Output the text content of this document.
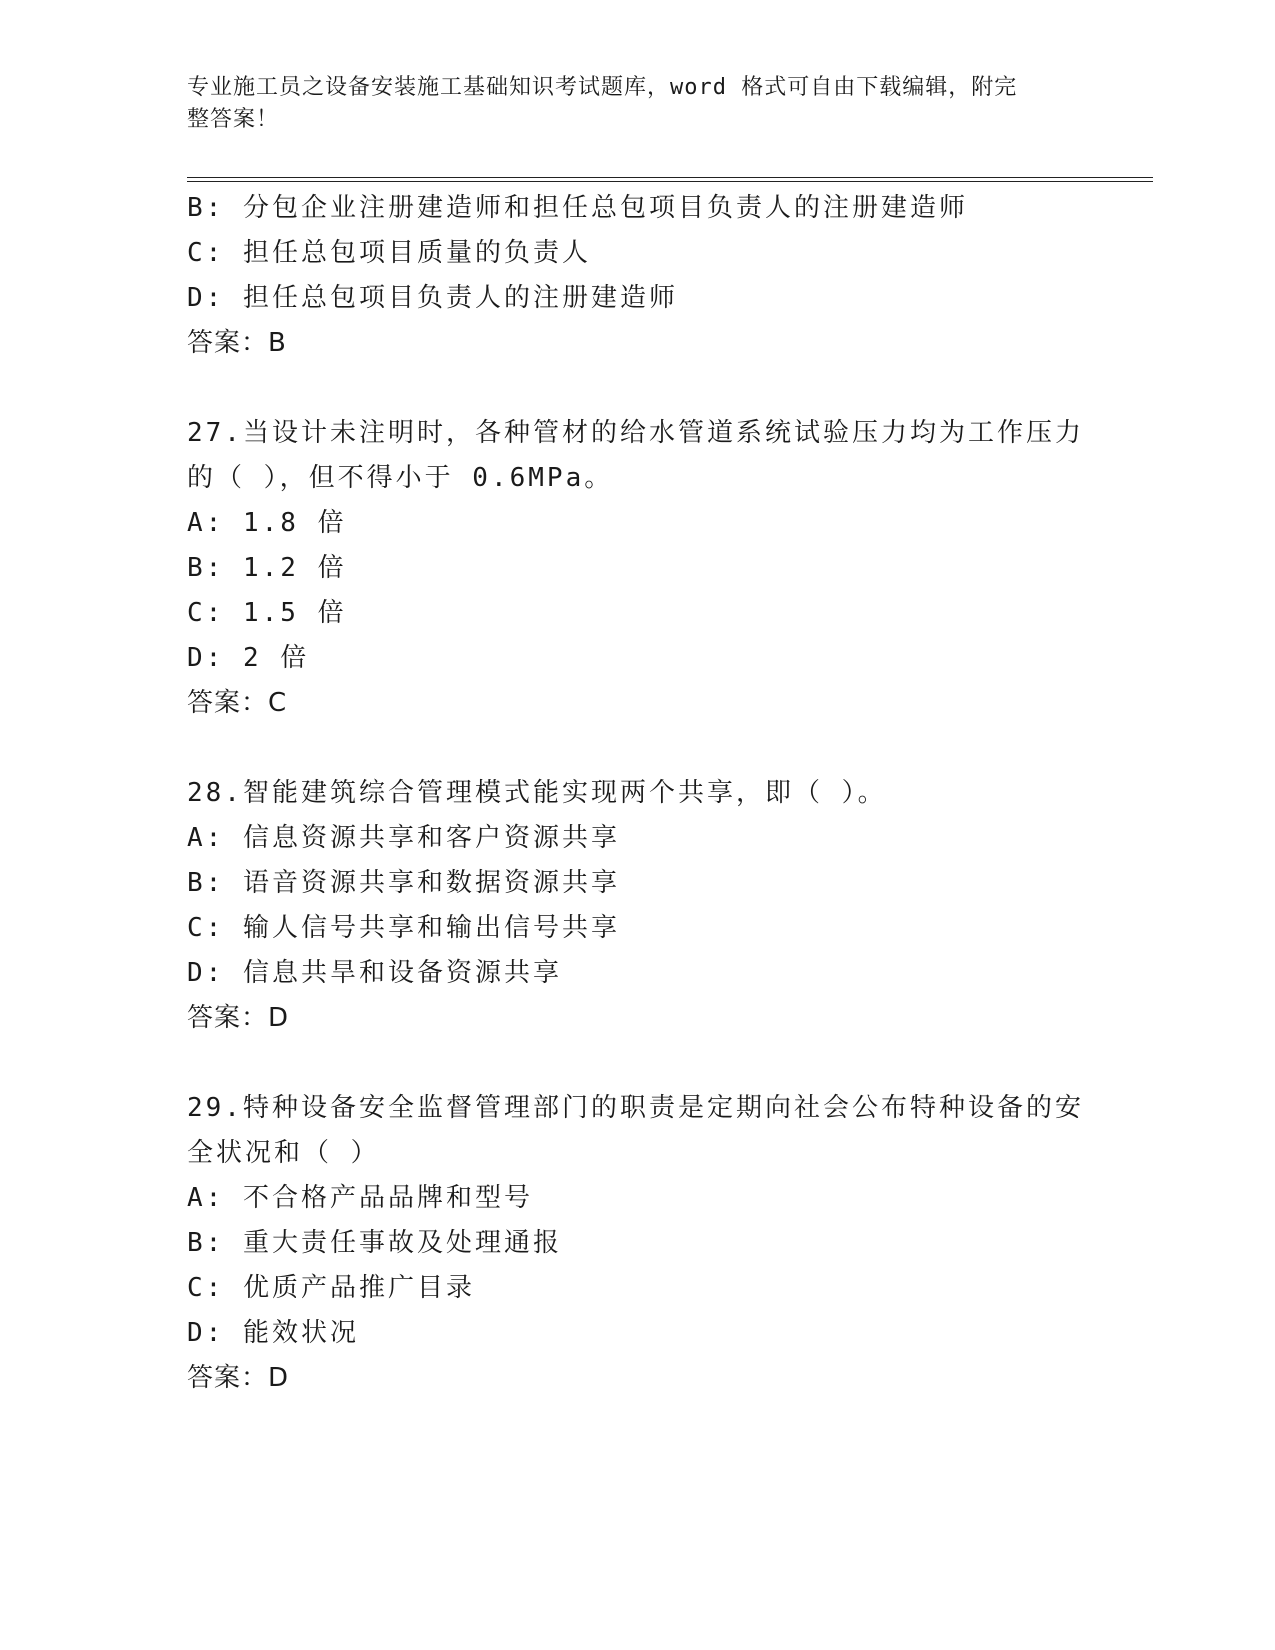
专业施工员之设备安装施工基础知识考试题库，word 格式可自由下载编辑，附完
整答案！
B: 分包企业注册建造师和担任总包项目负责人的注册建造师
C: 担任总包项目质量的负责人
D: 担任总包项目负责人的注册建造师
答案：B
27.当设计未注明时，各种管材的给水管道系统试验压力均为工作压力
的（ ），但不得小于 0.6MPa。
A: 1.8 倍
B: 1.2 倍
C: 1.5 倍
D: 2 倍
答案：C
28.智能建筑综合管理模式能实现两个共享，即（ ）。
A: 信息资源共享和客户资源共享
B: 语音资源共享和数据资源共享
C: 输人信号共享和输出信号共享
D: 信息共旱和设备资源共享
答案：D
29.特种设备安全监督管理部门的职责是定期向社会公布特种设备的安
全状况和（ ）
A: 不合格产品品牌和型号
B: 重大责任事故及处理通报
C: 优质产品推广目录
D: 能效状况
答案：D
